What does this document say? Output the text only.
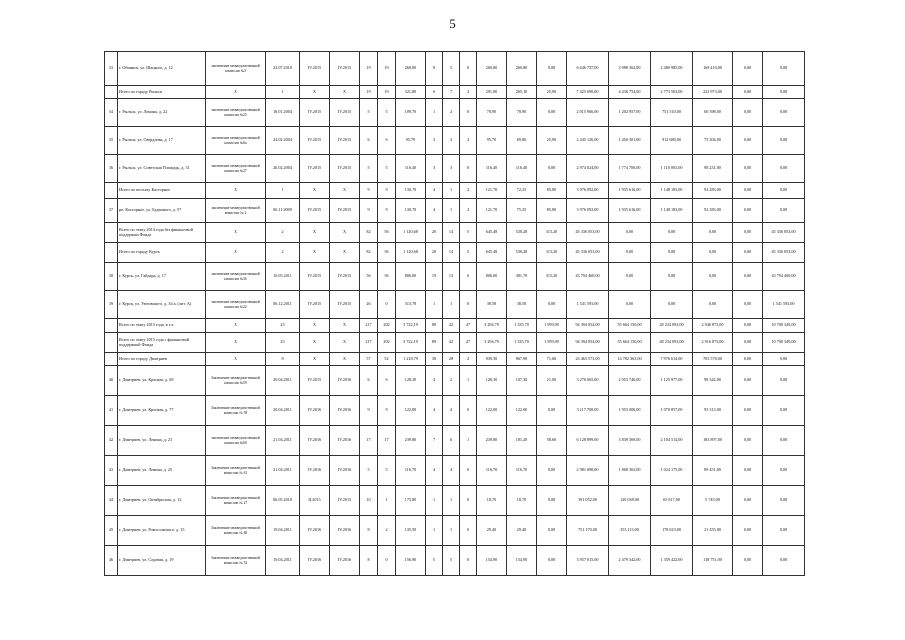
5
33	г. Обнинск, ул. Шацкого, д. 12	заключение межведомственной комиссии №3	23.07.2010	IV.2015	IV.2015	19	19	260,80	8	5	0	260,80	260,80	0,00	6 646 757,00	3 988 362,00	2 480 985,00	169 410,00	0,00	0,00
	Итого по городу Рыльск	X	1	X	X	19	19	321,80	6	7	2	291,00	265,10	25,90	7 425 690,00	4 436 754,00	2 773 503,00	222 973,00	0,00	0,00
34	г. Рыльск, ул. Ленина, д. 22	заключение межведомственной комиссии №25	18.01.2004	IV.2015	IV.2015	5	5	109,70	1	2	0	78,90	78,90	0,00	2 015 966,00	1 202 957,00	751 510,00	60 398,00	0,00	0,00
35	г. Рыльск, ул. Свердлова, д. 17	заключение межведомственной комиссии №6а	24.02.2004	IV.2015	IV.2015	6	6	95,70	3	3	2	95,70	69,80	25,90	2 445 126,00	1 456 301,00	912 680,00	75 304,00	0,00	0,00
36	г. Рыльск, ул. Советская Площадь, д. 31	заключение межведомственной комиссии №27	26.02.2004	IV.2015	IV.2015	5	5	116,40	3	3	0	116,40	116,40	0,00	2 974 024,00	1 774 706,00	1 110 003,00	98 231,00	0,00	0,00
	Итого по поселку Касторное	X	1	X	X	9	9	130,70	4	1	2	121,70	72,25	85,80	3 976 092,00	1 935 616,00	1 148 183,00	92 283,00	0,00	0,00
37	рп. Касторное, ул. Буденного, д. 57	заключение межведомственной комиссии № 2	06.11.2009	IV.2015	IV.2015	9	9	130,70	4	1	2	121,70	75,25	85,80	3 976 092,00	1 935 616,00	1 148 183,00	92 283,00	0,00	0,00
	Всего по этапу 2014 года без финансовой поддержки Фонда	X	2	X	X	82	56	1 120,68	20	14	5	645,48	530,28	313,20	45 336 053,00	0,00	0,00	0,00	0,00	45 336 053,00
	Итого по городу Курск	X	2	X	X	82	56	1 120,68	20	14	5	645,48	530,28	313,20	45 336 053,00	0,00	0,00	0,00	0,00	45 336 053,00
38	г. Курск, ул. Гайдара, д. 17	заключение межведомственной комиссии №36	16.05.2011	IV.2015	IV.2015	56	56	806,00	19	13	6	806,00	491,70	315,20	43 794 460,00	0,00	0,00	0,00	0,00	43 794 460,00
39	г. Курск, ул. Уютовского, д. 34 а, (лит. А)	заключение межведомственной комиссии №22	06.12.2011	IV.2015	IV.2015	26	0	313,78	1	1	0	38,58	38,58	0,00	1 541 593,00	0,00	0,00	0,00	0,00	1 541 593,00
	Всего по этапу 2015 года, в т.ч.	X	23	X	X	217	202	3 722,19	89	42	47	3 294,79	1 335,70	1 959,09	94 394 054,00	55 664 150,00	28 234 093,00	2 946 873,00	0,00	10 700 349,00
	Всего по этапу 2015 года с финансовой поддержкой Фонда	X	23	X	X	217	202	3 722,19	89	42	47	3 294,79	1 335,70	1 959,09	94 394 054,00	55 664 150,00	28 234 093,00	2 916 873,00	0,00	10 700 349,00
	Итого по городу Дмитриев	X	8	X	X	57	52	1 218,79	30	28	2	939,50	867,90	71,60	23 463 573,00	14 782 363,00	7 976 614,00	703 578,00	0,00	0,00
40	г. Дмитриев, ул. Красная, д. 69	Заключение межведомственной комиссии №59	20.04.2011	IV.2015	IV.2016	6	6	128,30	4	2	1	128,30	107,30	21,00	3 276 065,00	2 053 746,00	1 125 977,00	98 342,00	0,00	0,00
41	г. Дмитриев, ул. Красная, д. 77	Заключение межведомственной комиссии № 58	20.04.2011	IV.2016	IV.2016	9	9	122,00	4	4	0	122,00	122,00	0,00	3 117 700,00	1 953 000,00	1 070 857,00	93 313,00	0,00	0,00
42	г. Дмитриев, ул. Ленина, д. 23	заключение межведомственной комиссии №60	21.04.2011	IV.2016	IV.2016	17	17	239,80	7	6	1	239,80	181,20	58,60	6 128 899,00	3 839 369,00	2 104 514,00	183 897,00	0,00	0,00
43	г. Дмитриев, ул. Ленина, д. 25	Заключение межведомственной комиссии № 61	21.04.2011	IV.2016	IV.2016	5	5	116,70	4	4	0	116,70	116,70	0,00	2 981 690,00	1 868 363,00	1 024 175,00	89 451,00	0,00	0,00
44	г. Дмитриев, ул. Октябрьская, д. 12	Заключение межведомственной комиссии № 27	06.05.2010	II.2015	IV.2015	10	1	175,80	1	1	0	18,70	18,70	0,00	191 052,00	120 048,00	65 817,00	5 745,00	0,00	0,00
45	г. Дмитриев, ул. Рокоссовского, д. 15	Заключение межведомственной комиссии № 48	19.04.2011	IV.2016	IV.2016	8	2	135,50	1	1	0	29,40	29,40	0,00	751 170,00	353 113,00	178 623,00	21 455,00	0,00	0,00
46	г. Дмитриев, ул. Садовая, д. 19	Заключение межведомственной комиссии № 52	19.04.2011	IV.2016	IV.2016	8	0	156,90	5	5	0	154,90	154,90	0,00	3 957 015,00	2 479 342,00	1 359 422,00	118 751,00	0,00	0,00
